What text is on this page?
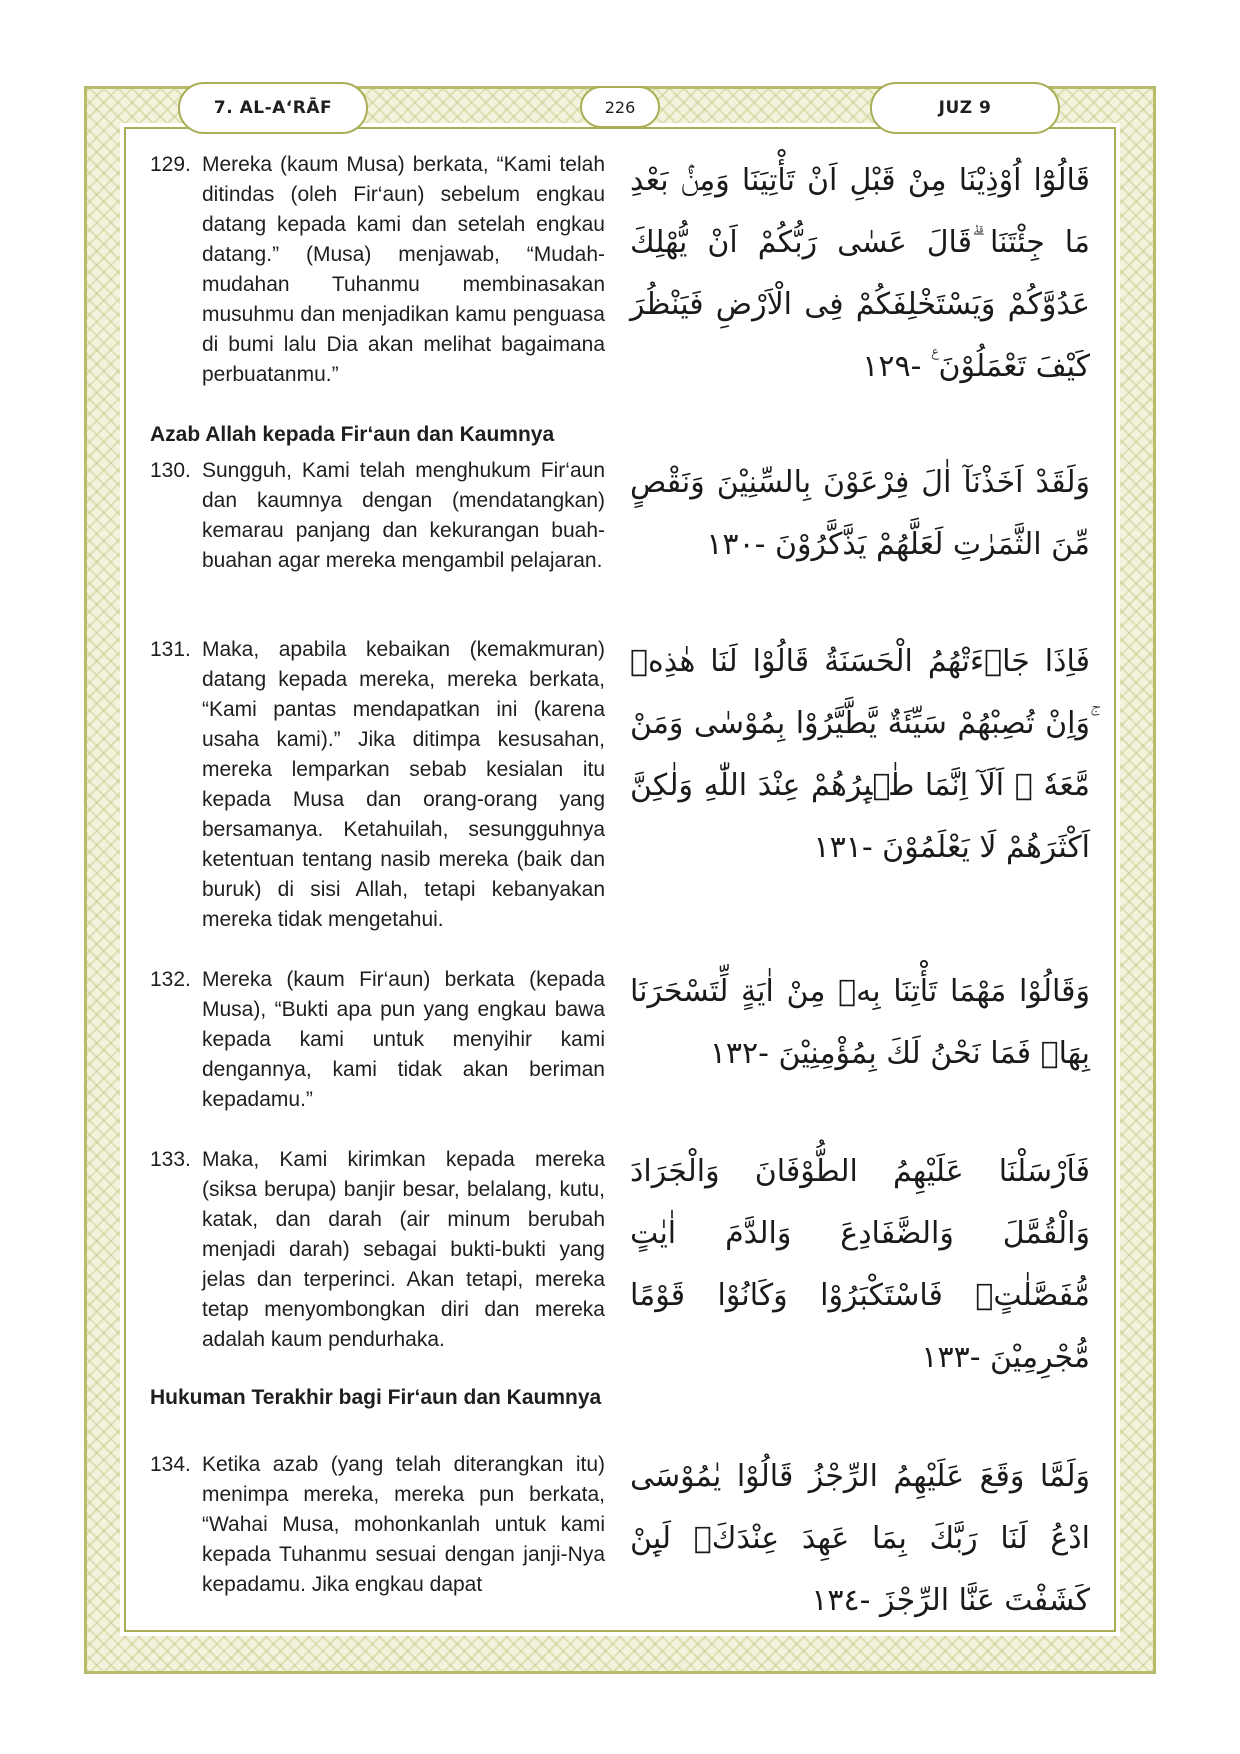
7. AL-A‘RĀF	226	JUZ 9
129. Mereka (kaum Musa) berkata, “Kami telah ditindas (oleh Fir‘aun) sebelum engkau datang kepada kami dan setelah engkau datang.” (Musa) menjawab, “Mudah-mudahan Tuhanmu membinasakan musuhmu dan menjadikan kamu penguasa di bumi lalu Dia akan melihat bagaimana perbuatanmu.”
قَالُوْٓا اُوْذِيْنَا مِنْ قَبْلِ اَنْ تَأْتِيَنَا وَمِنْۢ بَعْدِ مَا جِئْتَنَا ۗقَالَ عَسٰى رَبُّكُمْ اَنْ يُّهْلِكَ عَدُوَّكُمْ وَيَسْتَخْلِفَكُمْ فِى الْاَرْضِ فَيَنْظُرَ كَيْفَ تَعْمَلُوْنَ ࣖ -١٢٩
Azab Allah kepada Fir‘aun dan Kaumnya
130. Sungguh, Kami telah menghukum Fir‘aun dan kaumnya dengan (mendatangkan) kemarau panjang dan kekurangan buah-buahan agar mereka mengambil pelajaran.
وَلَقَدْ اَخَذْنَآ اٰلَ فِرْعَوْنَ بِالسِّنِيْنَ وَنَقْصٍ مِّنَ الثَّمَرٰتِ لَعَلَّهُمْ يَذَّكَّرُوْنَ -١٣٠
131. Maka, apabila kebaikan (kemakmuran) datang kepada mereka, mereka berkata, “Kami pantas mendapatkan ini (karena usaha kami).” Jika ditimpa kesusahan, mereka lemparkan sebab kesialan itu kepada Musa dan orang-orang yang bersamanya. Ketahuilah, sesungguhnya ketentuan tentang nasib mereka (baik dan buruk) di sisi Allah, tetapi kebanyakan mereka tidak mengetahui.
فَاِذَا جَاۤءَتْهُمُ الْحَسَنَةُ قَالُوْا لَنَا هٰذِهٖ ۚوَاِنْ تُصِبْهُمْ سَيِّئَةٌ يَّطَّيَّرُوْا بِمُوْسٰى وَمَنْ مَّعَهٗ ۗ اَلَآ اِنَّمَا طٰۤىِٕرُهُمْ عِنْدَ اللّٰهِ وَلٰكِنَّ اَكْثَرَهُمْ لَا يَعْلَمُوْنَ -١٣١
132. Mereka (kaum Fir‘aun) berkata (kepada Musa), “Bukti apa pun yang engkau bawa kepada kami untuk menyihir kami dengannya, kami tidak akan beriman kepadamu.”
وَقَالُوْا مَهْمَا تَأْتِنَا بِهٖ مِنْ اٰيَةٍ لِّتَسْحَرَنَا بِهَاۙ فَمَا نَحْنُ لَكَ بِمُؤْمِنِيْنَ -١٣٢
133. Maka, Kami kirimkan kepada mereka (siksa berupa) banjir besar, belalang, kutu, katak, dan darah (air minum berubah menjadi darah) sebagai bukti-bukti yang jelas dan terperinci. Akan tetapi, mereka tetap menyombongkan diri dan mereka adalah kaum pendurhaka.
فَاَرْسَلْنَا عَلَيْهِمُ الطُّوْفَانَ وَالْجَرَادَ وَالْقُمَّلَ وَالضَّفَادِعَ وَالدَّمَ اٰيٰتٍ مُّفَصَّلٰتٍۗ فَاسْتَكْبَرُوْا وَكَانُوْا قَوْمًا مُّجْرِمِيْنَ -١٣٣
Hukuman Terakhir bagi Fir‘aun dan Kaumnya
134. Ketika azab (yang telah diterangkan itu) menimpa mereka, mereka pun berkata, “Wahai Musa, mohonkanlah untuk kami kepada Tuhanmu sesuai dengan janji-Nya kepadamu. Jika engkau dapat
وَلَمَّا وَقَعَ عَلَيْهِمُ الرِّجْزُ قَالُوْا يٰمُوْسَى ادْعُ لَنَا رَبَّكَ بِمَا عَهِدَ عِنْدَكَۚ لَىِٕنْ كَشَفْتَ عَنَّا الرِّجْزَ -١٣٤
